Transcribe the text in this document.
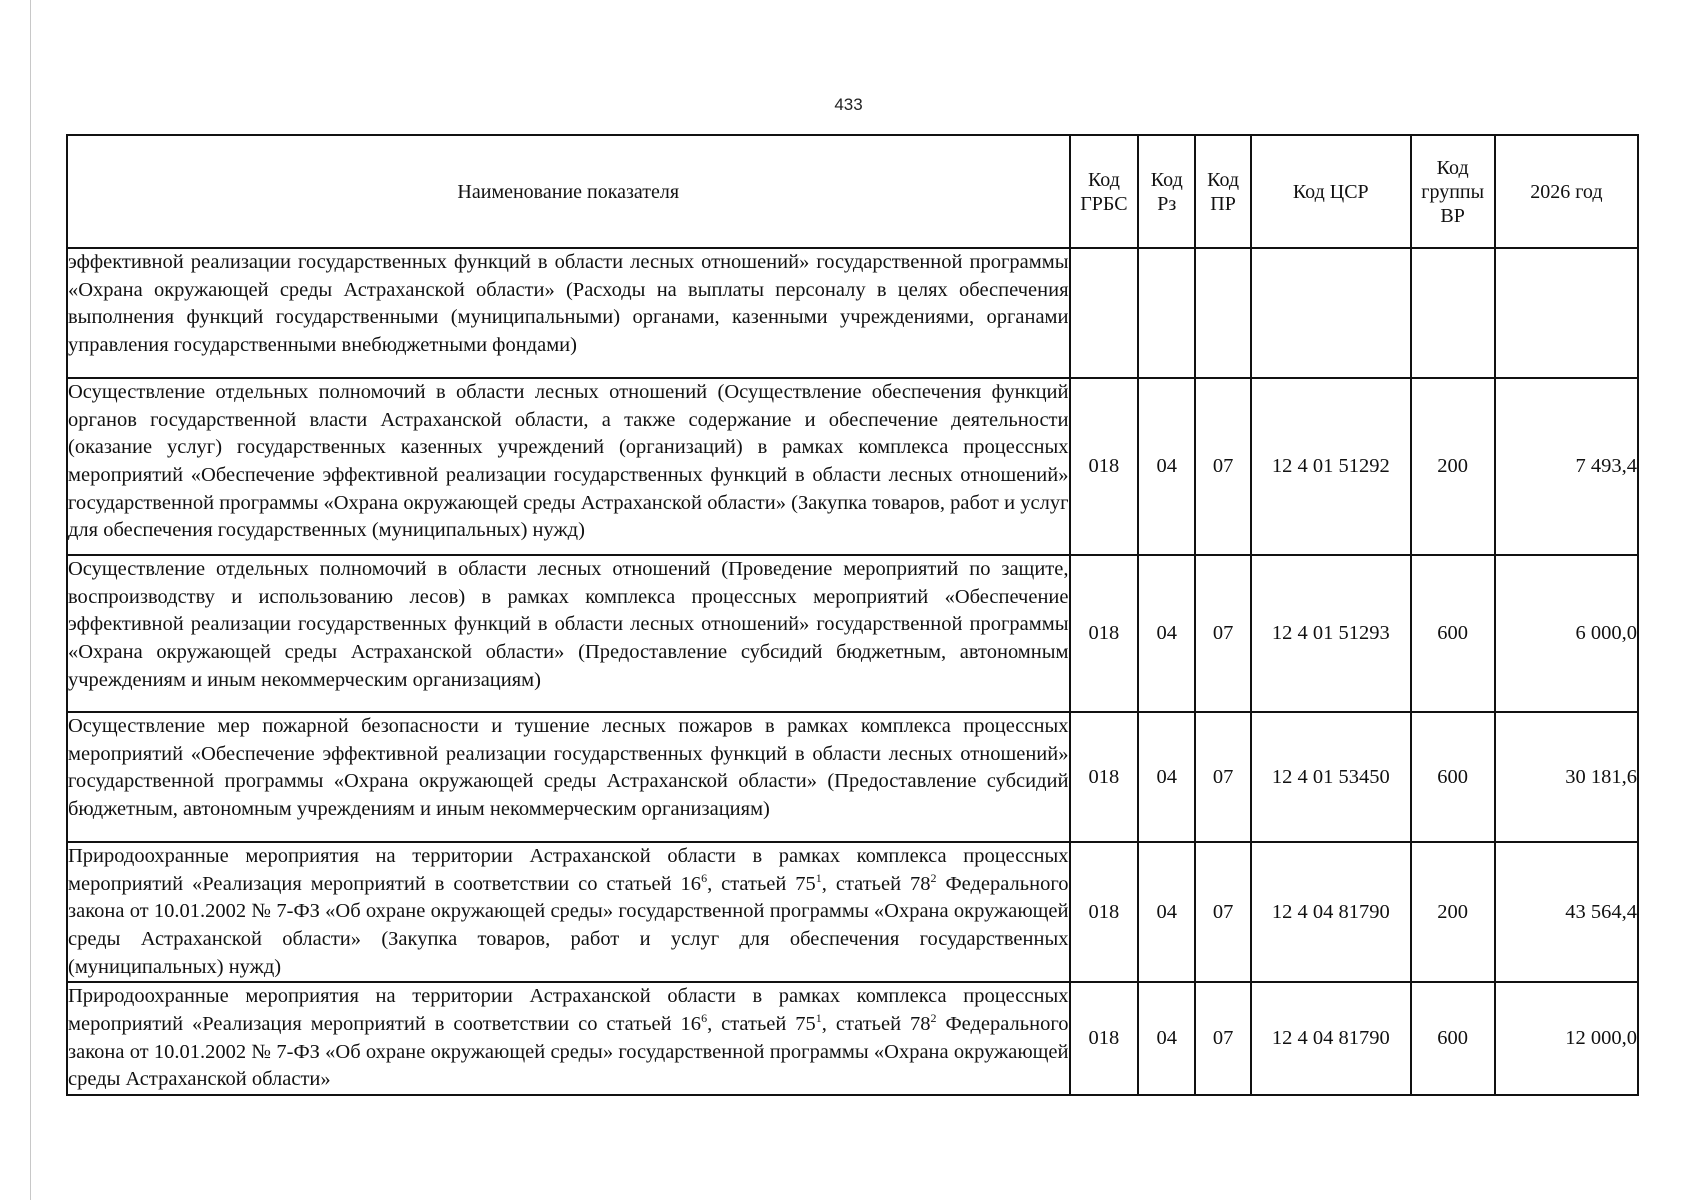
433
Наименование показателя	Код ГРБС	Код Рз	Код ПР	Код ЦСР	Код группы ВР	2026 год
эффективной реализации государственных функций в области лесных отношений» государственной программы «Охрана окружающей среды Астраханской области» (Расходы на выплаты персоналу в целях обеспечения выполнения функций государственными (муниципальными) органами, казенными учреждениями, органами управления государственными внебюджетными фондами)						
Осуществление отдельных полномочий в области лесных отношений (Осуществление обеспечения функций органов государственной власти Астраханской области, а также содержание и обеспечение деятельности (оказание услуг) государственных казенных учреждений (организаций) в рамках комплекса процессных мероприятий «Обеспечение эффективной реализации государственных функций в области лесных отношений» государственной программы «Охрана окружающей среды Астраханской области» (Закупка товаров, работ и услуг для обеспечения государственных (муниципальных) нужд)	018	04	07	12 4 01 51292	200	7 493,4
Осуществление отдельных полномочий в области лесных отношений (Проведение мероприятий по защите, воспроизводству и использованию лесов) в рамках комплекса процессных мероприятий «Обеспечение эффективной реализации государственных функций в области лесных отношений» государственной программы «Охрана окружающей среды Астраханской области» (Предоставление субсидий бюджетным, автономным учреждениям и иным некоммерческим организациям)	018	04	07	12 4 01 51293	600	6 000,0
Осуществление мер пожарной безопасности и тушение лесных пожаров в рамках комплекса процессных мероприятий «Обеспечение эффективной реализации государственных функций в области лесных отношений» государственной программы «Охрана окружающей среды Астраханской области» (Предоставление субсидий бюджетным, автономным учреждениям и иным некоммерческим организациям)	018	04	07	12 4 01 53450	600	30 181,6
Природоохранные мероприятия на территории Астраханской области в рамках комплекса процессных мероприятий «Реализация мероприятий в соответствии со статьей $16^6$, статьей $75^1$, статьей $78^2$ Федерального закона от 10.01.2002 № 7-ФЗ «Об охране окружающей среды» государственной программы «Охрана окружающей среды Астраханской области» (Закупка товаров, работ и услуг для обеспечения государственных (муниципальных) нужд)	018	04	07	12 4 04 81790	200	43 564,4
Природоохранные мероприятия на территории Астраханской области в рамках комплекса процессных мероприятий «Реализация мероприятий в соответствии со статьей $16^6$, статьей $75^1$, статьей $78^2$ Федерального закона от 10.01.2002 № 7-ФЗ «Об охране окружающей среды» государственной программы «Охрана окружающей среды Астраханской области»	018	04	07	12 4 04 81790	600	12 000,0
